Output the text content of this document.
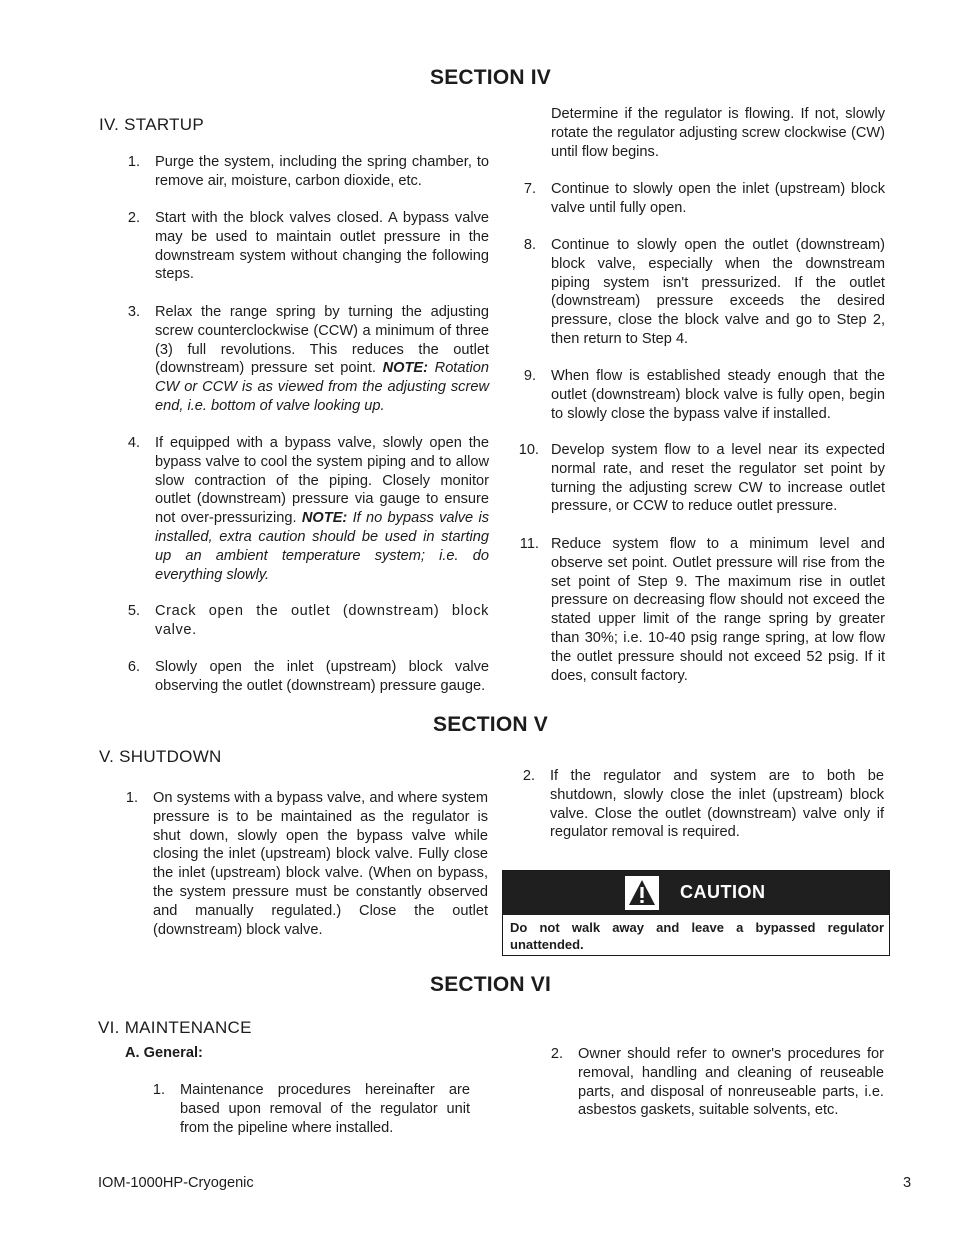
SECTION IV
IV. STARTUP
1. Purge the system, including the spring chamber, to remove air, moisture, carbon dioxide, etc.
2. Start with the block valves closed. A bypass valve may be used to maintain outlet pressure in the downstream system without changing the following steps.
3. Relax the range spring by turning the adjusting screw counterclockwise (CCW) a minimum of three (3) full revolutions. This reduces the outlet (downstream) pressure set point. NOTE: Rotation CW or CCW is as viewed from the adjusting screw end, i.e. bottom of valve looking up.
4. If equipped with a bypass valve, slowly open the bypass valve to cool the system piping and to allow slow contraction of the piping. Closely monitor outlet (downstream) pressure via gauge to ensure not over-pressurizing. NOTE: If no bypass valve is installed, extra caution should be used in starting up an ambient temperature system; i.e. do everything slowly.
5. Crack open the outlet (downstream) block valve.
6. Slowly open the inlet (upstream) block valve observing the outlet (downstream) pressure gauge.
Determine if the regulator is flowing. If not, slowly rotate the regulator adjusting screw clockwise (CW) until flow begins.
7. Continue to slowly open the inlet (upstream) block valve until fully open.
8. Continue to slowly open the outlet (downstream) block valve, especially when the downstream piping system isn't pressurized. If the outlet (downstream) pressure exceeds the desired pressure, close the block valve and go to Step 2, then return to Step 4.
9. When flow is established steady enough that the outlet (downstream) block valve is fully open, begin to slowly close the bypass valve if installed.
10. Develop system flow to a level near its expected normal rate, and reset the regulator set point by turning the adjusting screw CW to increase outlet pressure, or CCW to reduce outlet pressure.
11. Reduce system flow to a minimum level and observe set point. Outlet pressure will rise from the set point of Step 9. The maximum rise in outlet pressure on decreasing flow should not exceed the stated upper limit of the range spring by greater than 30%; i.e. 10-40 psig range spring, at low flow the outlet pressure should not exceed 52 psig. If it does, consult factory.
SECTION V
V. SHUTDOWN
1. On systems with a bypass valve, and where system pressure is to be maintained as the regulator is shut down, slowly open the bypass valve while closing the inlet (upstream) block valve. Fully close the inlet (upstream) block valve. (When on bypass, the system pressure must be constantly observed and manually regulated.) Close the outlet (downstream) block valve.
2. If the regulator and system are to both be shutdown, slowly close the inlet (upstream) block valve. Close the outlet (downstream) valve only if regulator removal is required.
CAUTION
Do not walk away and leave a bypassed regulator unattended.
SECTION VI
VI. MAINTENANCE
A. General:
1. Maintenance procedures hereinafter are based upon removal of the regulator unit from the pipeline where installed.
2. Owner should refer to owner's procedures for removal, handling and cleaning of reuseable parts, and disposal of nonreuseable parts, i.e. asbestos gaskets, suitable solvents, etc.
IOM-1000HP-Cryogenic	3
